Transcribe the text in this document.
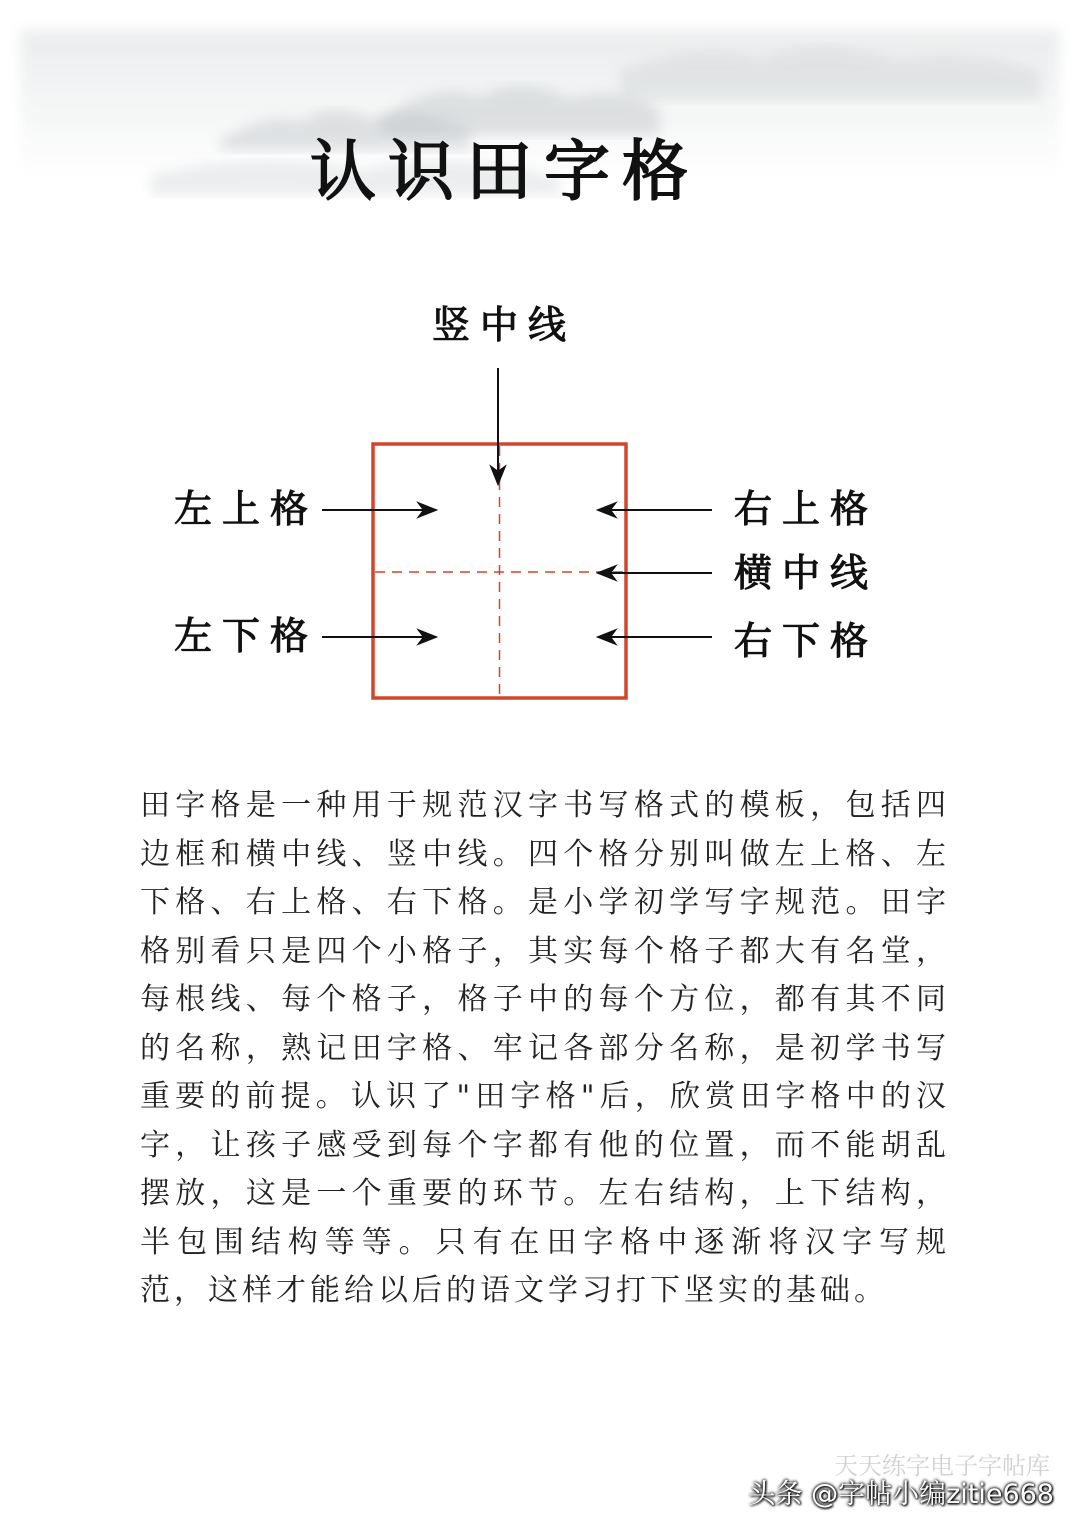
认识田字格
竖中线
左上格
左下格
右上格
横中线
右下格
田字格是一种用于规范汉字书写格式的模板，包括四边框和横中线、竖中线。四个格分别叫做左上格、左下格、右上格、右下格。是小学初学写字规范。田字格别看只是四个小格子，其实每个格子都大有名堂，每根线、每个格子，格子中的每个方位，都有其不同的名称，熟记田字格、牢记各部分名称，是初学书写重要的前提。认识了"田字格"后，欣赏田字格中的汉字，让孩子感受到每个字都有他的位置，而不能胡乱摆放，这是一个重要的环节。左右结构，上下结构，半包围结构等等。只有在田字格中逐渐将汉字写规范，这样才能给以后的语文学习打下坚实的基础。
天天练字电子字帖库
头条 @字帖小编zitie668
